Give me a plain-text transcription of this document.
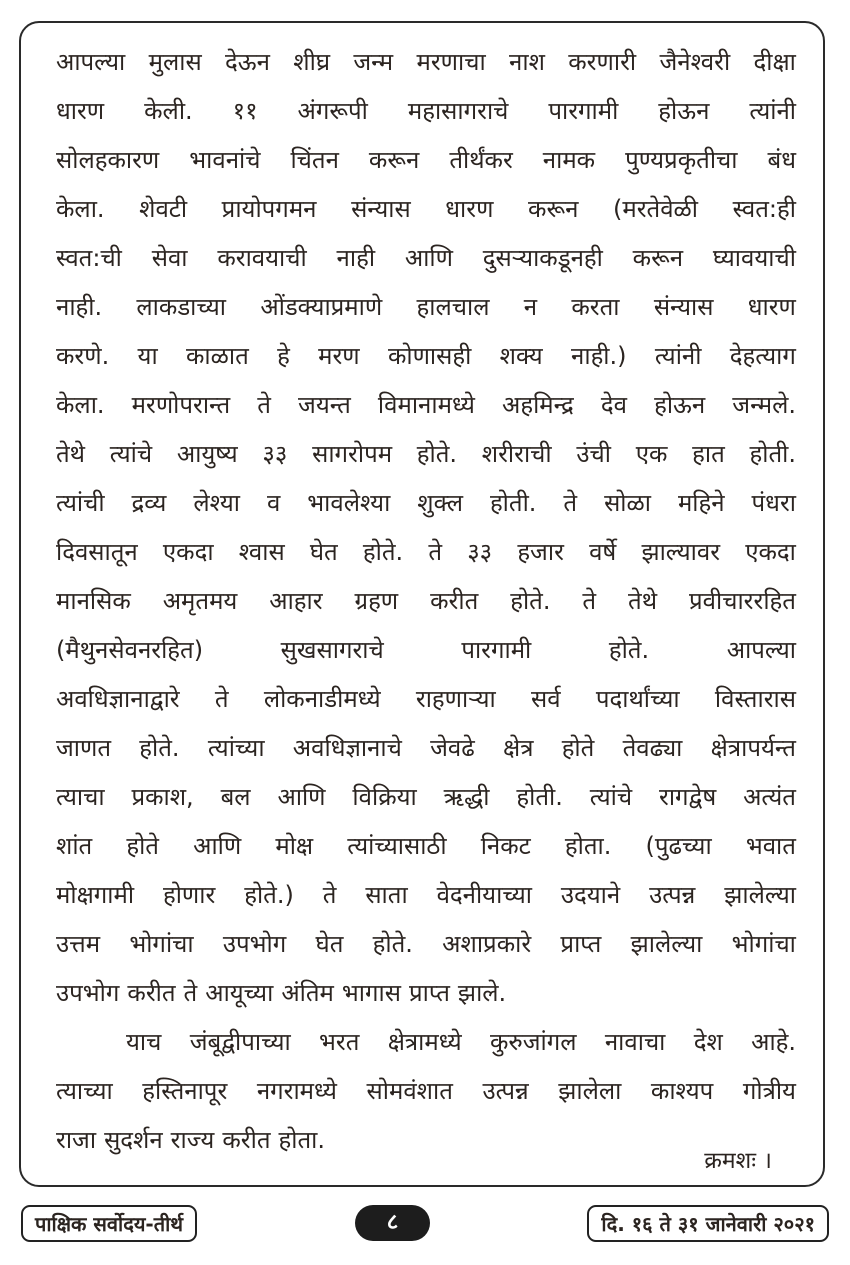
आपल्या मुलास देऊन शीघ्र जन्म मरणाचा नाश करणारी जैनेश्वरी दीक्षा
धारण केली. ११ अंगरूपी महासागराचे पारगामी होऊन त्यांनी
सोलहकारण भावनांचे चिंतन करून तीर्थंकर नामक पुण्यप्रकृतीचा बंध
केला. शेवटी प्रायोपगमन संन्यास धारण करून (मरतेवेळी स्वत:ही
स्वत:ची सेवा करावयाची नाही आणि दुसऱ्याकडूनही करून घ्यावयाची
नाही. लाकडाच्या ओंडक्याप्रमाणे हालचाल न करता संन्यास धारण
करणे. या काळात हे मरण कोणासही शक्य नाही.) त्यांनी देहत्याग
केला. मरणोपरान्त ते जयन्त विमानामध्ये अहमिन्द्र देव होऊन जन्मले.
तेथे त्यांचे आयुष्य ३३ सागरोपम होते. शरीराची उंची एक हात होती.
त्यांची द्रव्य लेश्या व भावलेश्या शुक्ल होती. ते सोळा महिने पंधरा
दिवसातून एकदा श्वास घेत होते. ते ३३ हजार वर्षे झाल्यावर एकदा
मानसिक अमृतमय आहार ग्रहण करीत होते. ते तेथे प्रवीचाररहित
(मैथुनसेवनरहित)	सुखसागराचे	पारगामी	होते.	आपल्या
अवधिज्ञानाद्वारे ते लोकनाडीमध्ये राहणाऱ्या सर्व पदार्थांच्या विस्तारास
जाणत होते. त्यांच्या अवधिज्ञानाचे जेवढे क्षेत्र होते तेवढ्या क्षेत्रापर्यन्त
त्याचा प्रकाश, बल आणि विक्रिया ऋद्धी होती. त्यांचे रागद्वेष अत्यंत
शांत होते आणि मोक्ष त्यांच्यासाठी निकट होता. (पुढच्या भवात
मोक्षगामी होणार होते.) ते साता वेदनीयाच्या उदयाने उत्पन्न झालेल्या
उत्तम भोगांचा उपभोग घेत होते. अशाप्रकारे प्राप्त झालेल्या भोगांचा
उपभोग करीत ते आयूच्या अंतिम भागास प्राप्त झाले.
याच जंबूद्वीपाच्या भरत क्षेत्रामध्ये कुरुजांगल नावाचा देश आहे.
त्याच्या हस्तिनापूर नगरामध्ये सोमवंशात उत्पन्न झालेला काश्यप गोत्रीय
राजा सुदर्शन राज्य करीत होता.
क्रमशः ।
पाक्षिक सर्वोदय-तीर्थ	८	दि. १६ ते ३१ जानेवारी २०२१
